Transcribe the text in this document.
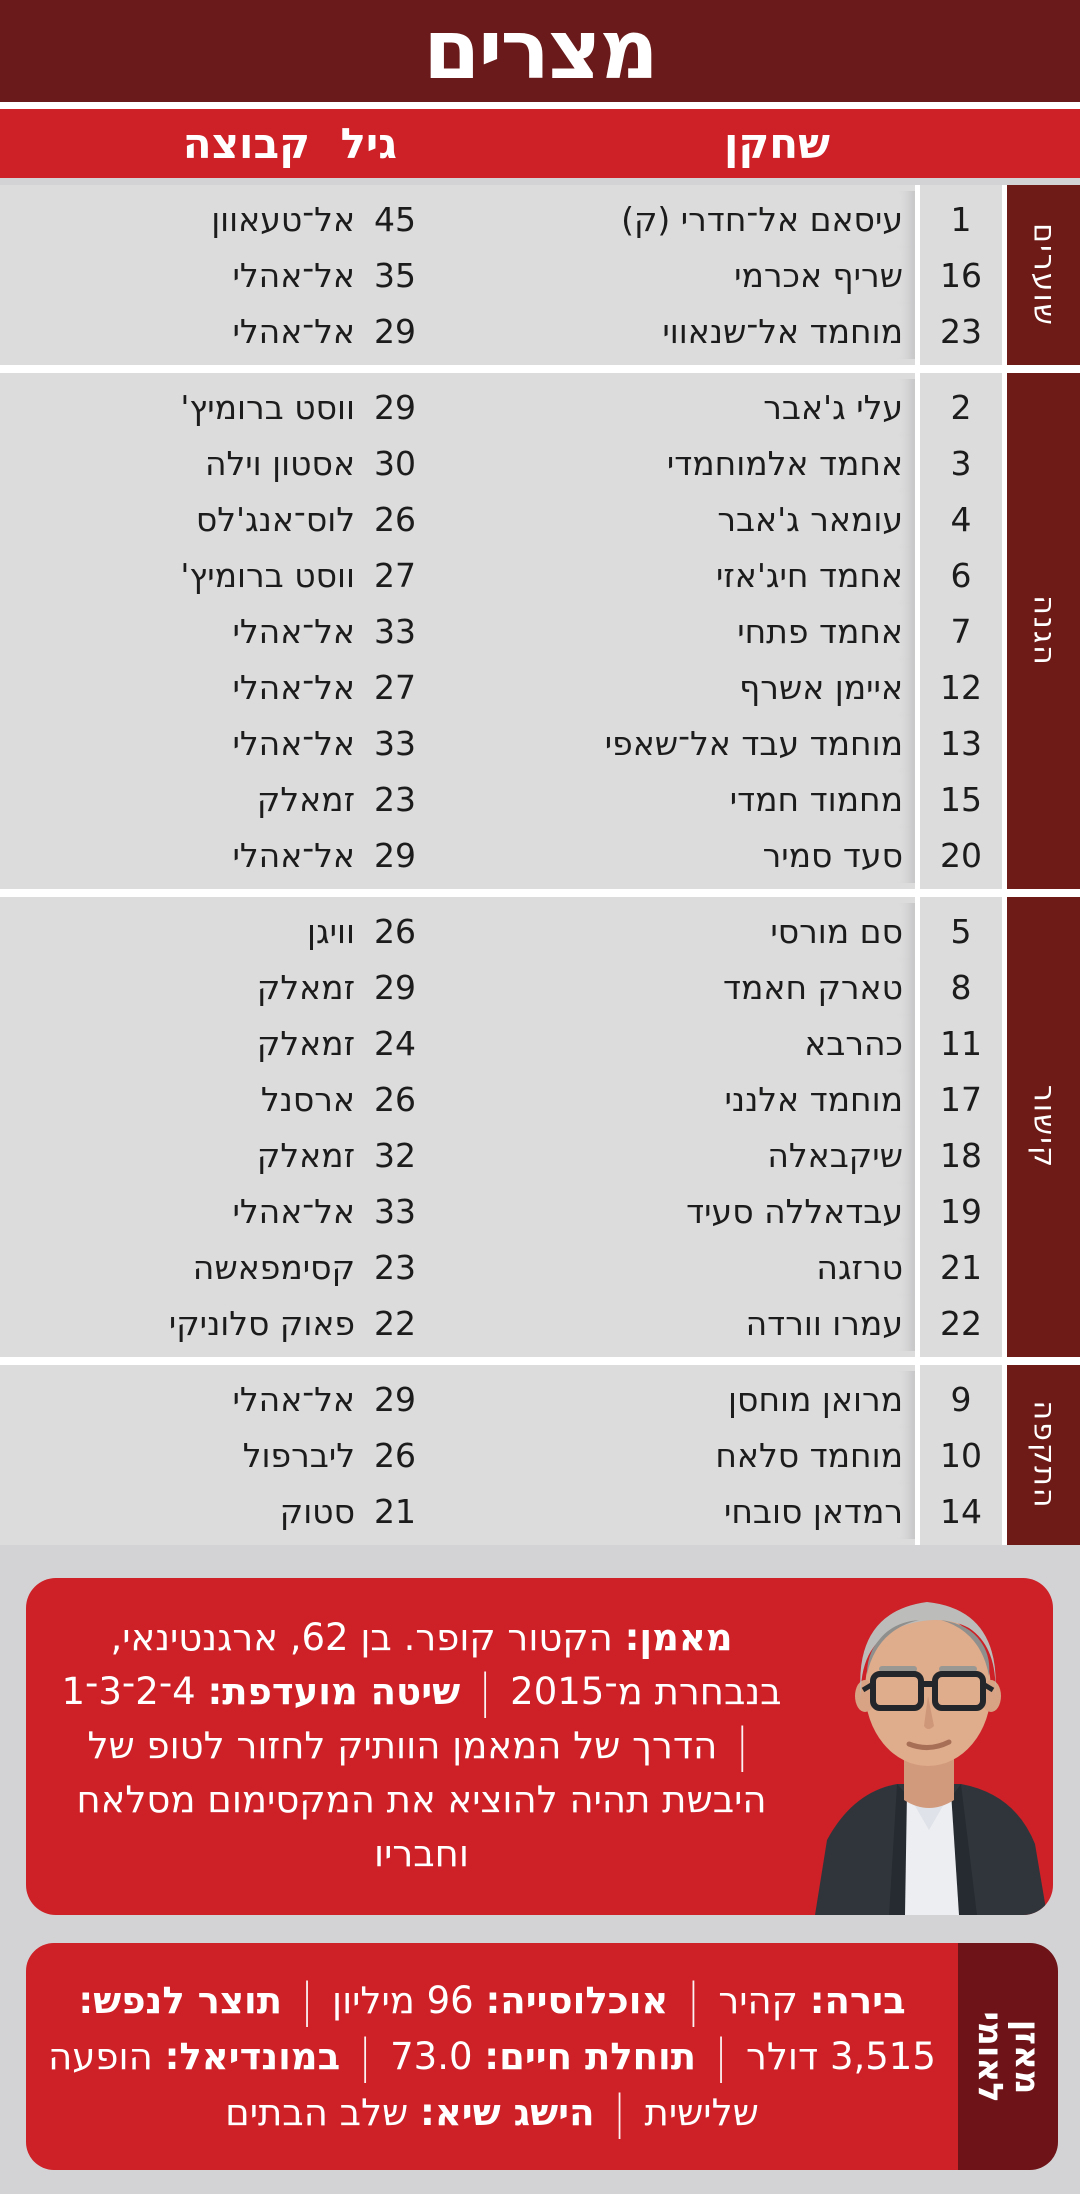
מצרים
שחקן
גיל
קבוצה
שוערים
1
עיסאם אל־חדרי (ק)
45
אל־טעאוון
16
שריף אכרמי
35
אל־אהלי
23
מוחמד אל־שנאווי
29
אל־אהלי
הגנה
2
עלי ג'אבר
29
ווסט ברומיץ'
3
אחמד אלמוחמדי
30
אסטון וילה
4
עומאר ג'אבר
26
לוס־אנג'לס
6
אחמד חיג'אזי
27
ווסט ברומיץ'
7
אחמד פתחי
33
אל־אהלי
12
איימן אשרף
27
אל־אהלי
13
מוחמד עבד אל־שאפי
33
אל־אהלי
15
מחמוד חמדי
23
זמאלק
20
סעד סמיר
29
אל־אהלי
קישור
5
סם מורסי
26
וויגן
8
טארק חאמד
29
זמאלק
11
כהרבא
24
זמאלק
17
מוחמד אלנני
26
ארסנל
18
שיקבאלה
32
זמאלק
19
עבדאללה סעיד
33
אל־אהלי
21
טרזגה
23
קסימפאשה
22
עמרו וורדה
22
פאוק סלוניקי
התקפה
9
מרואן מוחסן
29
אל־אהלי
10
מוחמד סלאח
26
ליברפול
14
רמדאן סובחי
21
סטוק
מאמן: הקטור קופר. בן 62, ארגנטינאי, בנבחרת מ־2015 | שיטה מועדפת: 4־2־3־1 | הדרך של המאמן הוותיק לחזור לטופ של היבשת תהיה להוציא את המקסימום מסלאח וחבריו
מאזן
לאומי
בירה: קהיר | אוכלוסייה: 96 מיליון | תוצר לנפש: 3,515 דולר | תוחלת חיים: 73.0 | במונדיאל: הופעה שלישית | הישג שיא: שלב הבתים
